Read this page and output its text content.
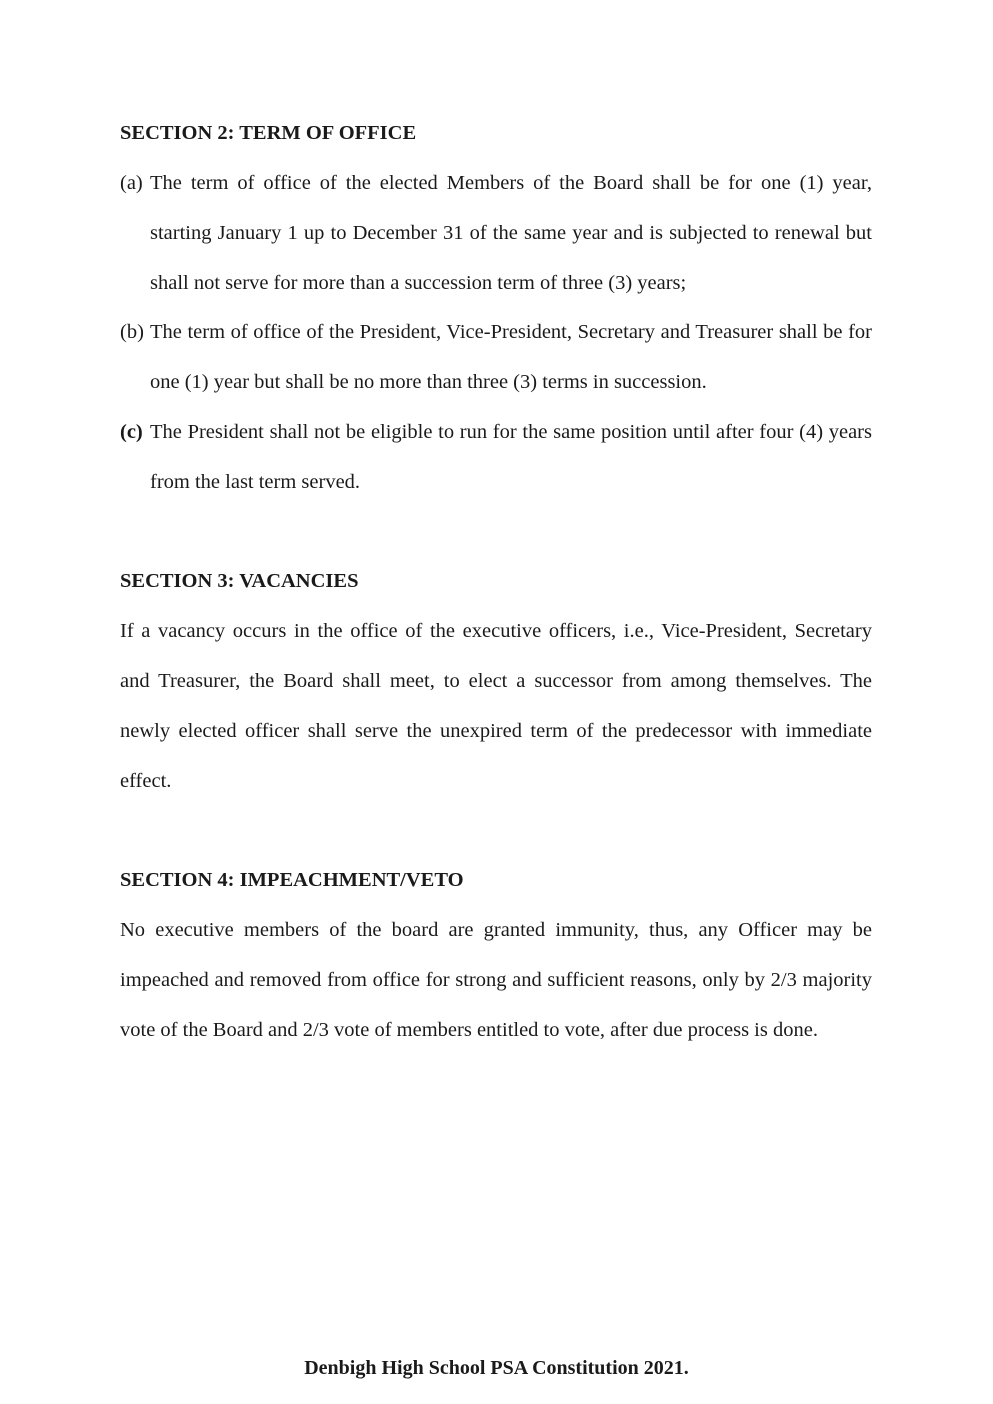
SECTION 2: TERM OF OFFICE
(a) The term of office of the elected Members of the Board shall be for one (1) year, starting January 1 up to December 31 of the same year and is subjected to renewal but shall not serve for more than a succession term of three (3) years;
(b) The term of office of the President, Vice-President, Secretary and Treasurer shall be for one (1) year but shall be no more than three (3) terms in succession.
(c) The President shall not be eligible to run for the same position until after four (4) years from the last term served.
SECTION 3: VACANCIES
If a vacancy occurs in the office of the executive officers, i.e., Vice-President, Secretary and Treasurer, the Board shall meet, to elect a successor from among themselves. The newly elected officer shall serve the unexpired term of the predecessor with immediate effect.
SECTION 4: IMPEACHMENT/VETO
No executive members of the board are granted immunity, thus, any Officer may be impeached and removed from office for strong and sufficient reasons, only by 2/3 majority vote of the Board and 2/3 vote of members entitled to vote, after due process is done.
Denbigh High School PSA Constitution 2021.
